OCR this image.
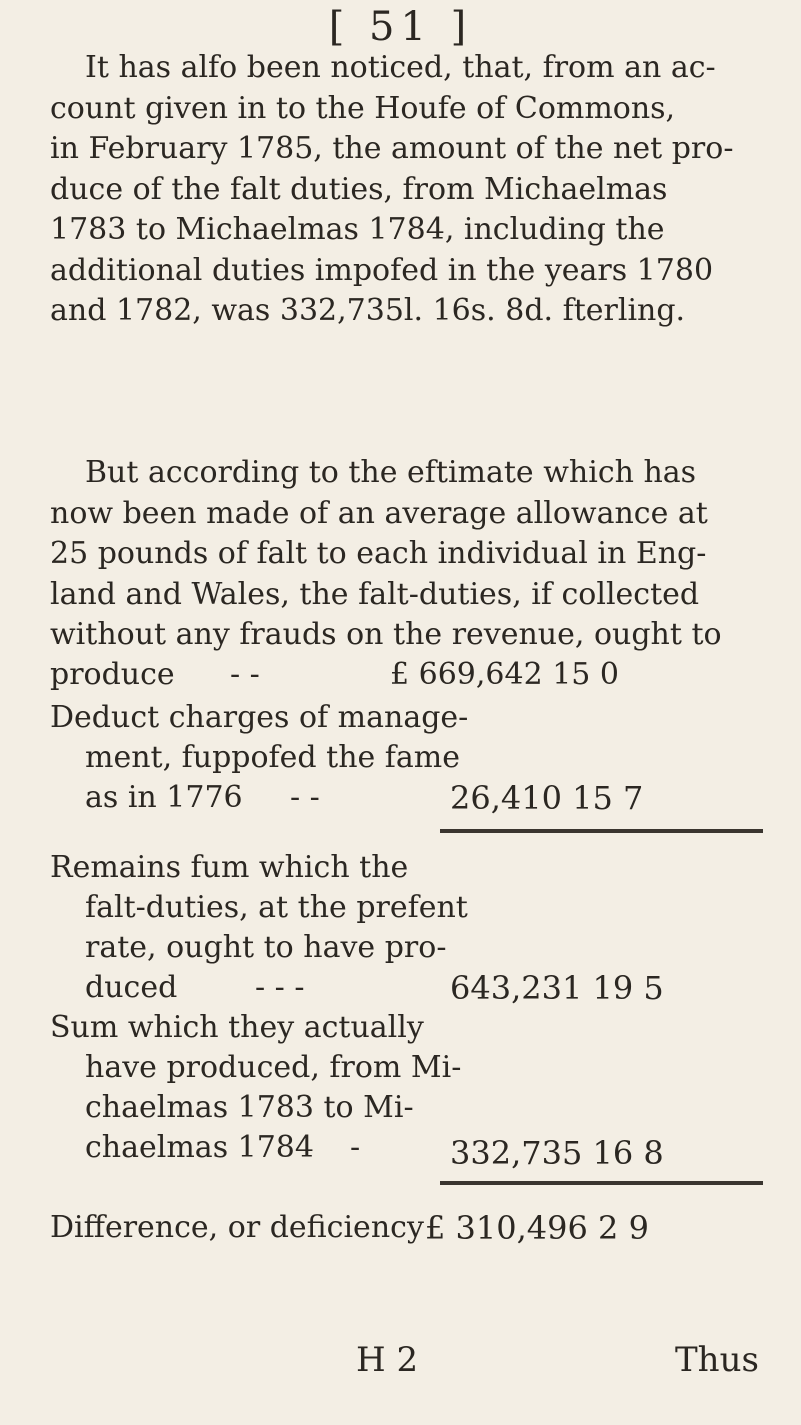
[ 51 ]
It has alfo been noticed, that, from an ac-
count given in to the Houfe of Commons,
in February 1785, the amount of the net pro-
duce of the falt duties, from Michaelmas
1783 to Michaelmas 1784, including the
additional duties impofed in the years 1780
and 1782, was 332,735l. 16s. 8d. fterling.
But according to the eftimate which has
now been made of an average allowance at
25 pounds of falt to each individual in Eng-
land and Wales, the falt-duties, if collected
without any frauds on the revenue, ought to
produce - -	£ 669,642 15 0
Deduct charges of manage-
ment, fuppofed the fame
as in 1776	- -	26,410 15 7
Remains fum which the
falt-duties, at the prefent
rate, ought to have pro-
duced	- - -	643,231 19 5
Sum which they actually
have produced, from Mi-
chaelmas 1783 to Mi-
chaelmas 1784	-	332,735 16 8
Difference, or deficiency £ 310,496 2 9
H 2	Thus
